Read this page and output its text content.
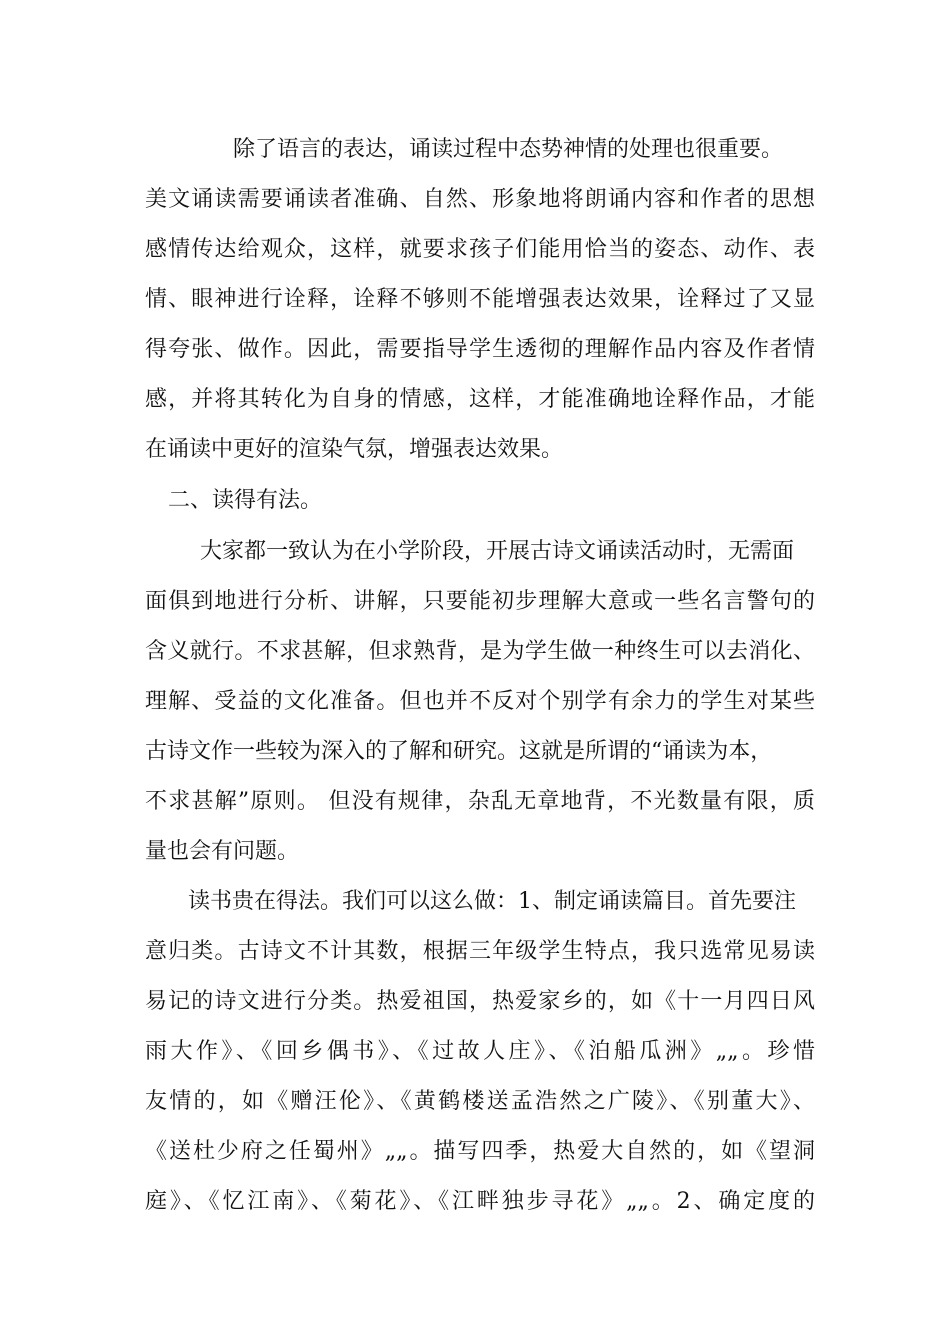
除了语言的表达，诵读过程中态势神情的处理也很重要。
美文诵读需要诵读者准确、自然、形象地将朗诵内容和作者的思想
感情传达给观众，这样，就要求孩子们能用恰当的姿态、动作、表
情、眼神进行诠释，诠释不够则不能增强表达效果，诠释过了又显
得夸张、做作。因此，需要指导学生透彻的理解作品内容及作者情
感，并将其转化为自身的情感，这样，才能准确地诠释作品，才能
在诵读中更好的渲染气氛，增强表达效果。
二、读得有法。
大家都一致认为在小学阶段，开展古诗文诵读活动时，无需面
面俱到地进行分析、讲解，只要能初步理解大意或一些名言警句的
含义就行。不求甚解，但求熟背，是为学生做一种终生可以去消化、
理解、受益的文化准备。但也并不反对个别学有余力的学生对某些
古诗文作一些较为深入的了解和研究。这就是所谓的“诵读为本，
不求甚解”原则。 但没有规律，杂乱无章地背，不光数量有限，质
量也会有问题。
读书贵在得法。我们可以这么做：1、制定诵读篇目。首先要注
意归类。古诗文不计其数，根据三年级学生特点，我只选常见易读
易记的诗文进行分类。热爱祖国，热爱家乡的，如《十一月四日风
雨大作》、《回乡偶书》、《过故人庄》、《泊船瓜洲》„„。珍惜
友情的，如《赠汪伦》、《黄鹤楼送孟浩然之广陵》、《别董大》、
《送杜少府之任蜀州》„„。描写四季，热爱大自然的，如《望洞
庭》、《忆江南》、《菊花》、《江畔独步寻花》„„。2、确定度的
